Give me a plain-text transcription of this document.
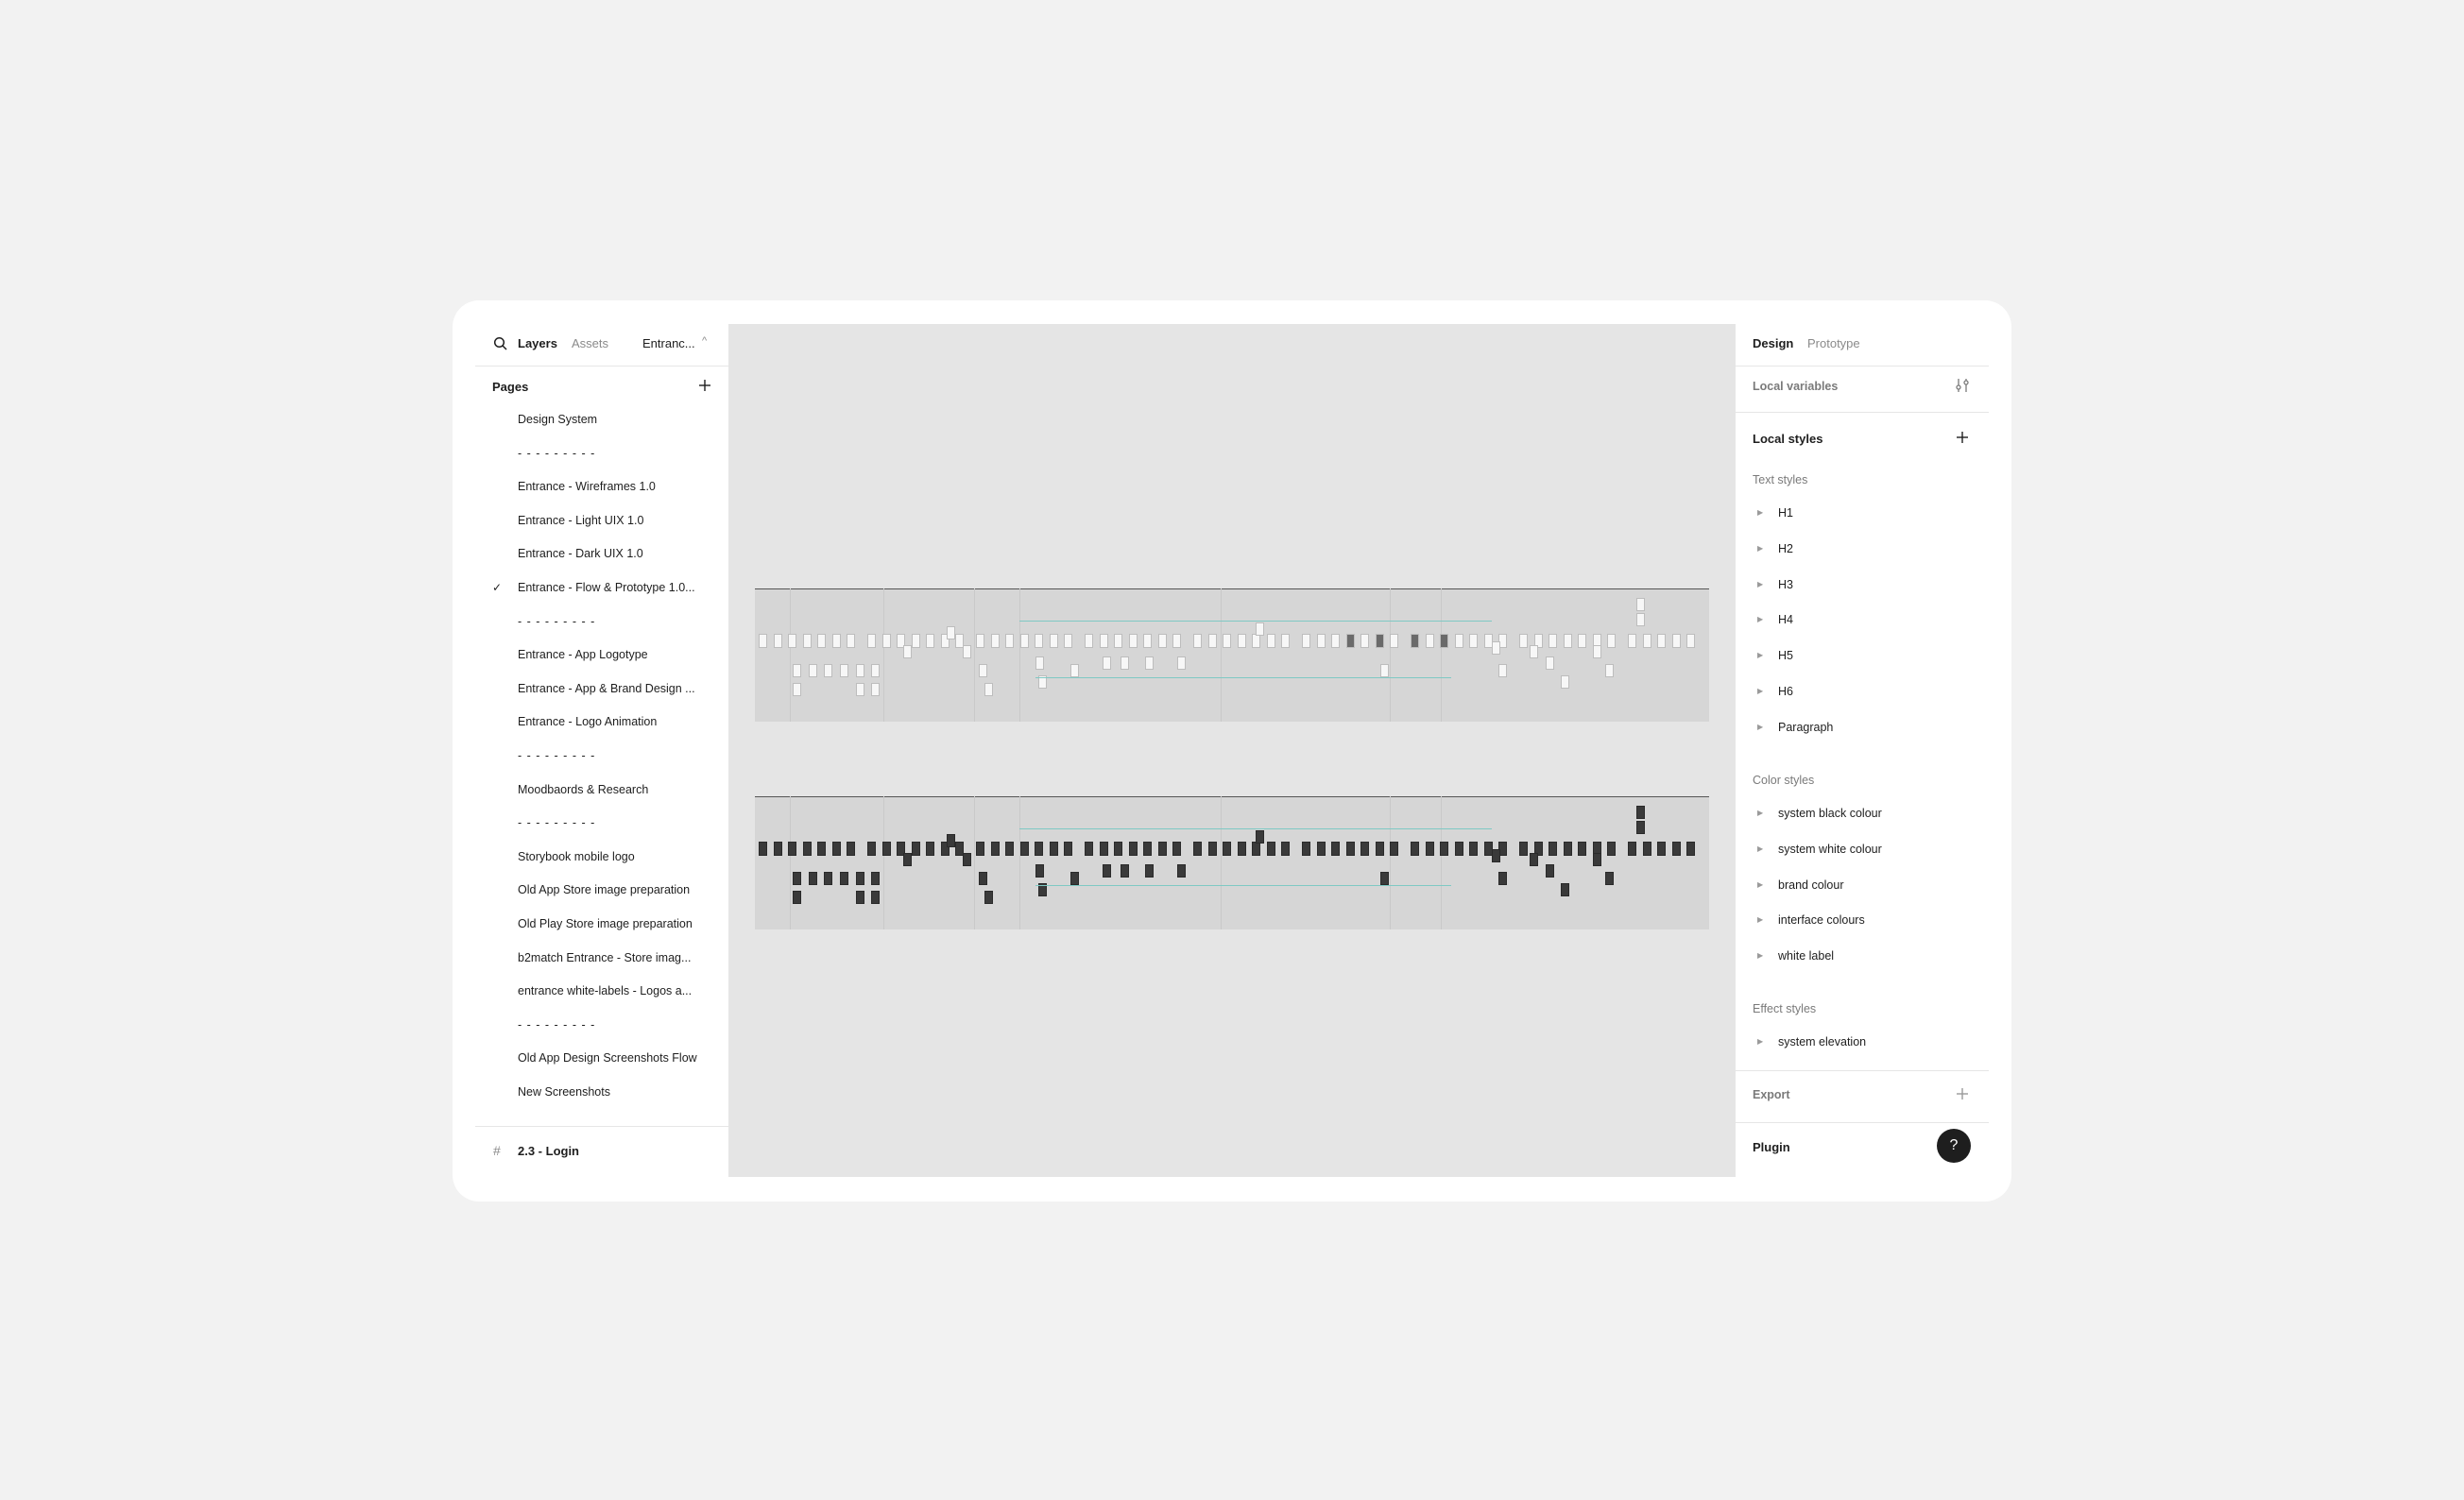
Layers Assets	Entranc... ^
Pages
Design System
- - - - - - - - -
Entrance - Wireframes 1.0
Entrance - Light UIX 1.0
Entrance - Dark UIX 1.0
✓ Entrance - Flow & Prototype 1.0...
- - - - - - - - -
Entrance - App Logotype
Entrance - App & Brand Design ...
Entrance - Logo Animation
- - - - - - - - -
Moodbaords & Research
- - - - - - - - -
Storybook mobile logo
Old App Store image preparation
Old Play Store image preparation
b2match Entrance - Store imag...
entrance white-labels - Logos a...
- - - - - - - - -
Old App Design Screenshots Flow
New Screenshots
# 2.3 - Login
Design Prototype
Local variables
Local styles
Text styles
▶ H1
▶ H2
▶ H3
▶ H4
▶ H5
▶ H6
▶ Paragraph
Color styles
▶ system black colour
▶ system white colour
▶ brand colour
▶ interface colours
▶ white label
Effect styles
▶ system elevation
Export
Plugin	?
